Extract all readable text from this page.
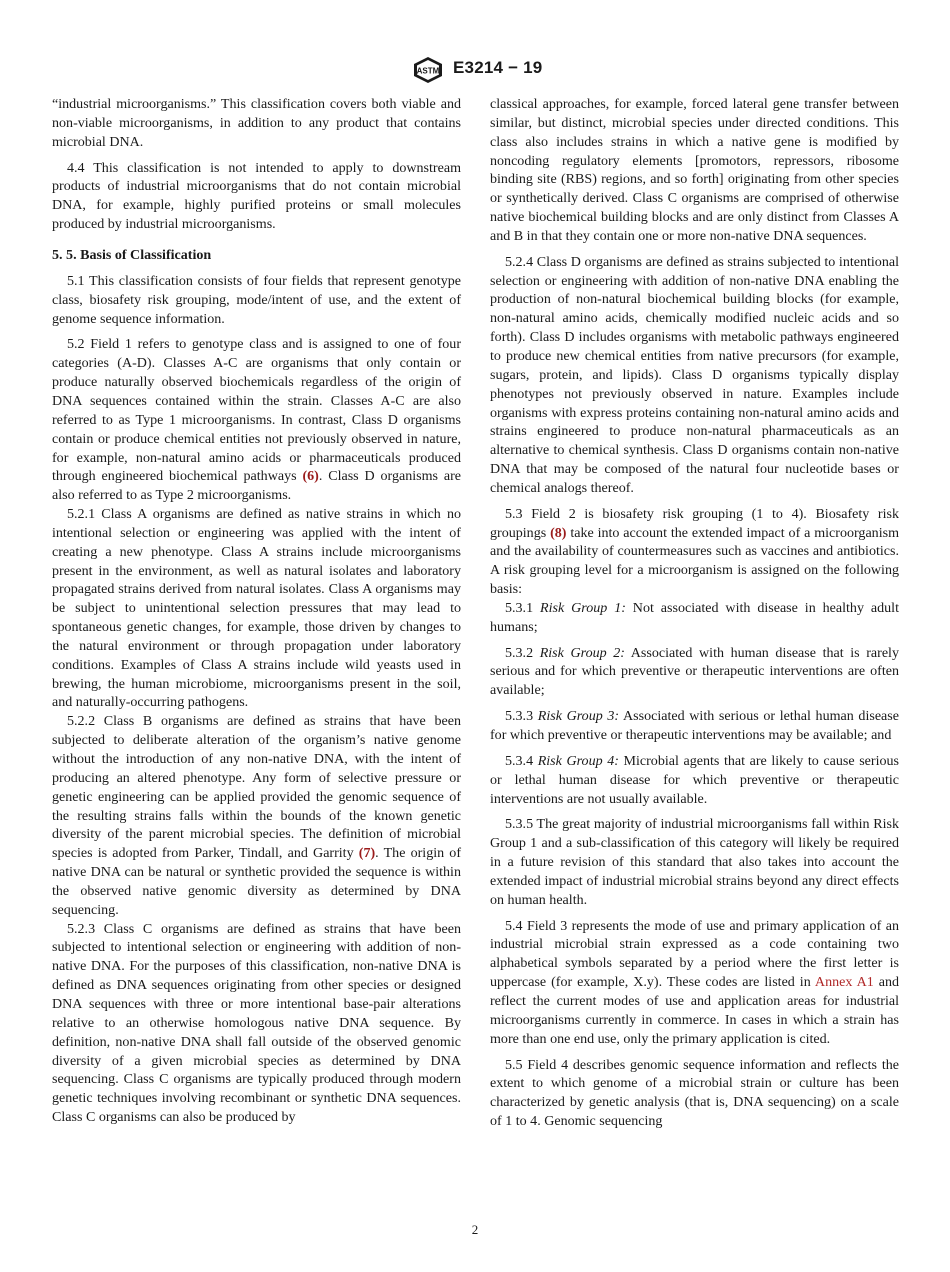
ASTM E3214 − 19

“industrial microorganisms.” This classification covers both viable and non-viable microorganisms, in addition to any product that contains microbial DNA.

4.4 This classification is not intended to apply to downstream products of industrial microorganisms that do not contain microbial DNA, for example, highly purified proteins or small molecules produced by industrial microorganisms.

5. 5. Basis of Classification

5.1 This classification consists of four fields that represent genotype class, biosafety risk grouping, mode/intent of use, and the extent of genome sequence information.

5.2 Field 1 refers to genotype class and is assigned to one of four categories (A-D). Classes A-C are organisms that only contain or produce naturally observed biochemicals regardless of the origin of DNA sequences contained within the strain. Classes A-C are also referred to as Type 1 microorganisms. In contrast, Class D organisms contain or produce chemical entities not previously observed in nature, for example, non-natural amino acids or pharmaceuticals produced through engineered biochemical pathways (6). Class D organisms are also referred to as Type 2 microorganisms.

5.2.1 Class A organisms are defined as native strains in which no intentional selection or engineering was applied with the intent of creating a new phenotype. Class A strains include microorganisms present in the environment, as well as natural isolates and laboratory propagated strains derived from natural isolates. Class A organisms may be subject to unintentional selection pressures that may lead to spontaneous genetic changes, for example, those driven by changes to the natural environment or through propagation under laboratory conditions. Examples of Class A strains include wild yeasts used in brewing, the human microbiome, microorganisms present in the soil, and naturally-occurring pathogens.

5.2.2 Class B organisms are defined as strains that have been subjected to deliberate alteration of the organism’s native genome without the introduction of any non-native DNA, with the intent of producing an altered phenotype. Any form of selective pressure or genetic engineering can be applied provided the genomic sequence of the resulting strains falls within the bounds of the known genetic diversity of the parent microbial species. The definition of microbial species is adopted from Parker, Tindall, and Garrity (7). The origin of native DNA can be natural or synthetic provided the sequence is within the observed native genomic diversity as determined by DNA sequencing.

5.2.3 Class C organisms are defined as strains that have been subjected to intentional selection or engineering with addition of non-native DNA. For the purposes of this classification, non-native DNA is defined as DNA sequences originating from other species or designed DNA sequences with three or more intentional base-pair alterations relative to an otherwise homologous native DNA sequence. By definition, non-native DNA shall fall outside of the observed genomic diversity of a given microbial species as determined by DNA sequencing. Class C organisms are typically produced through modern genetic techniques involving recombinant or synthetic DNA sequences. Class C organisms can also be produced by

classical approaches, for example, forced lateral gene transfer between similar, but distinct, microbial species under directed conditions. This class also includes strains in which a native gene is modified by noncoding regulatory elements [promotors, repressors, ribosome binding site (RBS) regions, and so forth] originating from other species or synthetically derived. Class C organisms are comprised of otherwise native biochemical building blocks and are only distinct from Classes A and B in that they contain one or more non-native DNA sequences.

5.2.4 Class D organisms are defined as strains subjected to intentional selection or engineering with addition of non-native DNA enabling the production of non-natural biochemical building blocks (for example, non-natural amino acids, chemically modified nucleic acids and so forth). Class D includes organisms with metabolic pathways engineered to produce new chemical entities from native precursors (for example, sugars, protein, and lipids). Class D organisms typically display phenotypes not previously observed in nature. Examples include organisms with express proteins containing non-natural amino acids and strains engineered to produce non-natural pharmaceuticals as an alternative to chemical synthesis. Class D organisms contain non-native DNA that may be composed of the natural four nucleotide bases or chemical analogs thereof.

5.3 Field 2 is biosafety risk grouping (1 to 4). Biosafety risk groupings (8) take into account the extended impact of a microorganism and the availability of countermeasures such as vaccines and antibiotics. A risk grouping level for a microorganism is assigned on the following basis:

5.3.1 Risk Group 1: Not associated with disease in healthy adult humans;

5.3.2 Risk Group 2: Associated with human disease that is rarely serious and for which preventive or therapeutic interventions are often available;

5.3.3 Risk Group 3: Associated with serious or lethal human disease for which preventive or therapeutic interventions may be available; and

5.3.4 Risk Group 4: Microbial agents that are likely to cause serious or lethal human disease for which preventive or therapeutic interventions are not usually available.

5.3.5 The great majority of industrial microorganisms fall within Risk Group 1 and a sub-classification of this category will likely be required in a future revision of this standard that also takes into account the extended impact of industrial microbial strains beyond any direct effects on human health.

5.4 Field 3 represents the mode of use and primary application of an industrial microbial strain expressed as a code containing two alphabetical symbols separated by a period where the first letter is uppercase (for example, X.y). These codes are listed in Annex A1 and reflect the current modes of use and application areas for industrial microorganisms currently in commerce. In cases in which a strain has more than one end use, only the primary application is cited.

5.5 Field 4 describes genomic sequence information and reflects the extent to which genome of a microbial strain or culture has been characterized by genetic analysis (that is, DNA sequencing) on a scale of 1 to 4. Genomic sequencing

2
